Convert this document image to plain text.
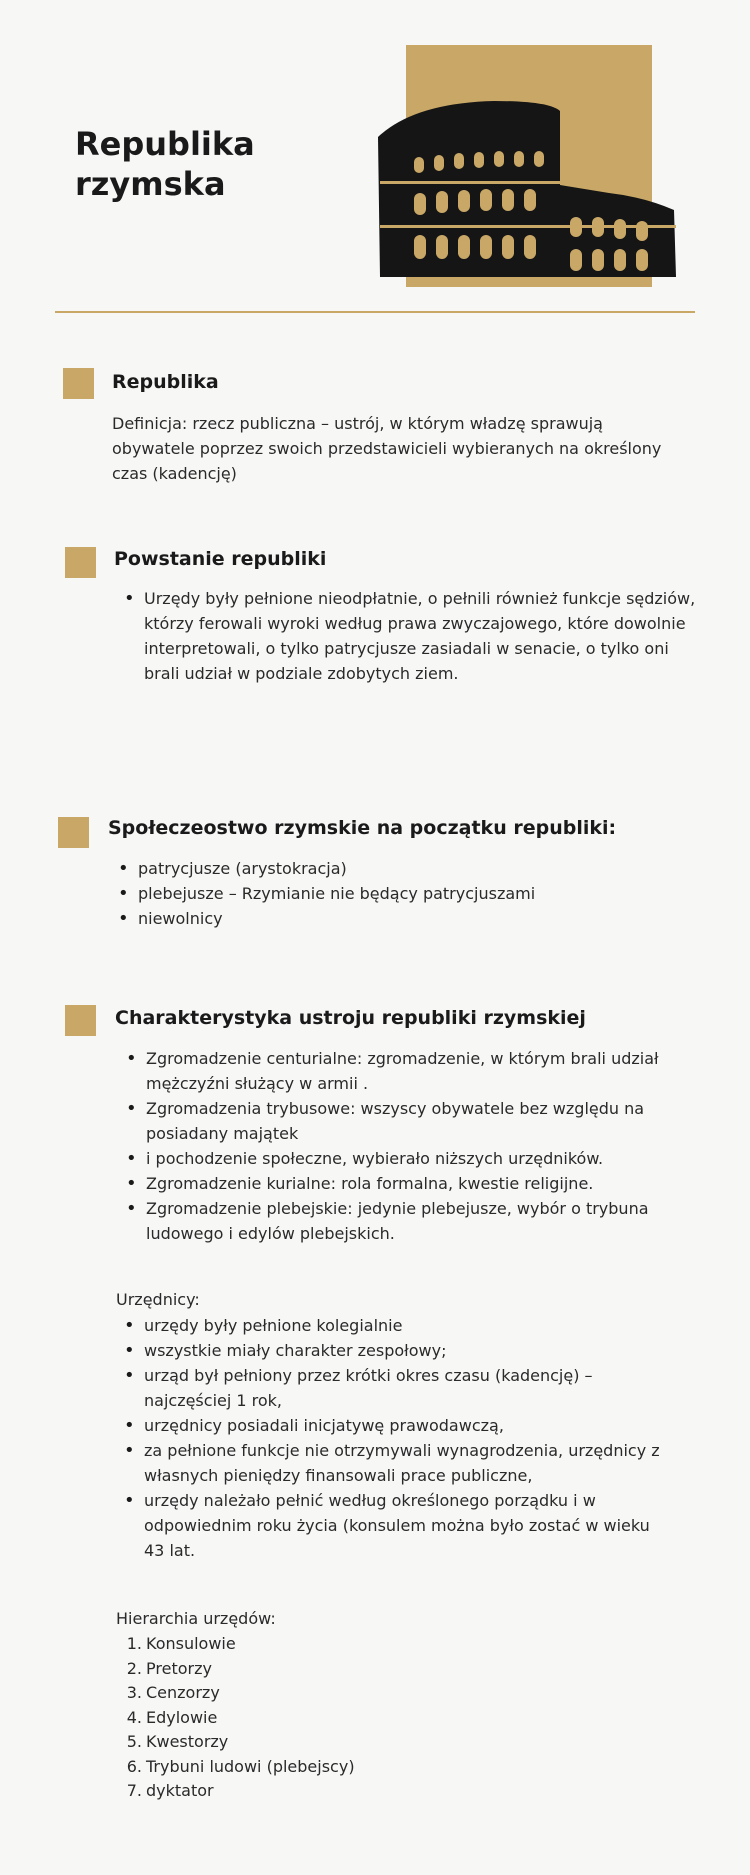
Republika rzymska
Republika
Definicja: rzecz publiczna – ustrój, w którym władzę sprawują obywatele poprzez swoich przedstawicieli wybieranych na określony czas (kadencję)
Powstanie republiki
• Urzędy były pełnione nieodpłatnie, o pełnili również funkcje sędziów, którzy ferowali wyroki według prawa zwyczajowego, które dowolnie interpretowali, o tylko patrycjusze zasiadali w senacie, o tylko oni brali udział w podziale zdobytych ziem.
Społeczeostwo rzymskie na początku republiki:
• patrycjusze (arystokracja)
• plebejusze – Rzymianie nie będący patrycjuszami
• niewolnicy
Charakterystyka ustroju republiki rzymskiej
• Zgromadzenie centurialne: zgromadzenie, w którym brali udział mężczyźni służący w armii .
• Zgromadzenia trybusowe: wszyscy obywatele bez względu na posiadany majątek
• i pochodzenie społeczne, wybierało niższych urzędników.
• Zgromadzenie kurialne: rola formalna, kwestie religijne.
• Zgromadzenie plebejskie: jedynie plebejusze, wybór o trybuna ludowego i edylów plebejskich.
Urzędnicy:
• urzędy były pełnione kolegialnie
• wszystkie miały charakter zespołowy;
• urząd był pełniony przez krótki okres czasu (kadencję) – najczęściej 1 rok,
• urzędnicy posiadali inicjatywę prawodawczą,
• za pełnione funkcje nie otrzymywali wynagrodzenia, urzędnicy z własnych pieniędzy finansowali prace publiczne,
• urzędy należało pełnić według określonego porządku i w odpowiednim roku życia (konsulem można było zostać w wieku 43 lat.
Hierarchia urzędów:
1. Konsulowie
2. Pretorzy
3. Cenzorzy
4. Edylowie
5. Kwestorzy
6. Trybuni ludowi (plebejscy)
7. dyktator
